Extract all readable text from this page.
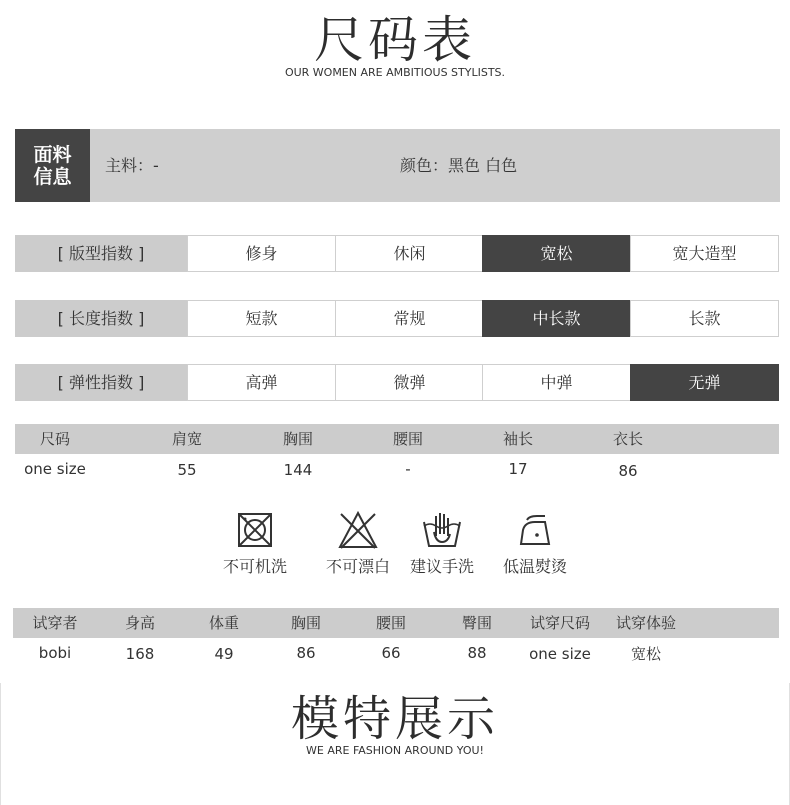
尺码表
OUR WOMEN ARE AMBITIOUS STYLISTS.
面料
信息 主料：-	颜色：黑色 白色
[ 版型指数 ]	修身	休闲	宽松	宽大造型
[ 长度指数 ]	短款	常规	中长款	长款
[ 弹性指数 ]	高弹	微弹	中弹	无弹
尺码	肩宽	胸围	腰围	袖长	衣长
one size	55	144	-	17	86
不可机洗	不可漂白	建议手洗	低温熨烫
试穿者	身高	体重	胸围	腰围	臀围	试穿尺码	试穿体验
bobi	168	49	86	66	88	one size	宽松
模特展示
WE ARE FASHION AROUND YOU!
